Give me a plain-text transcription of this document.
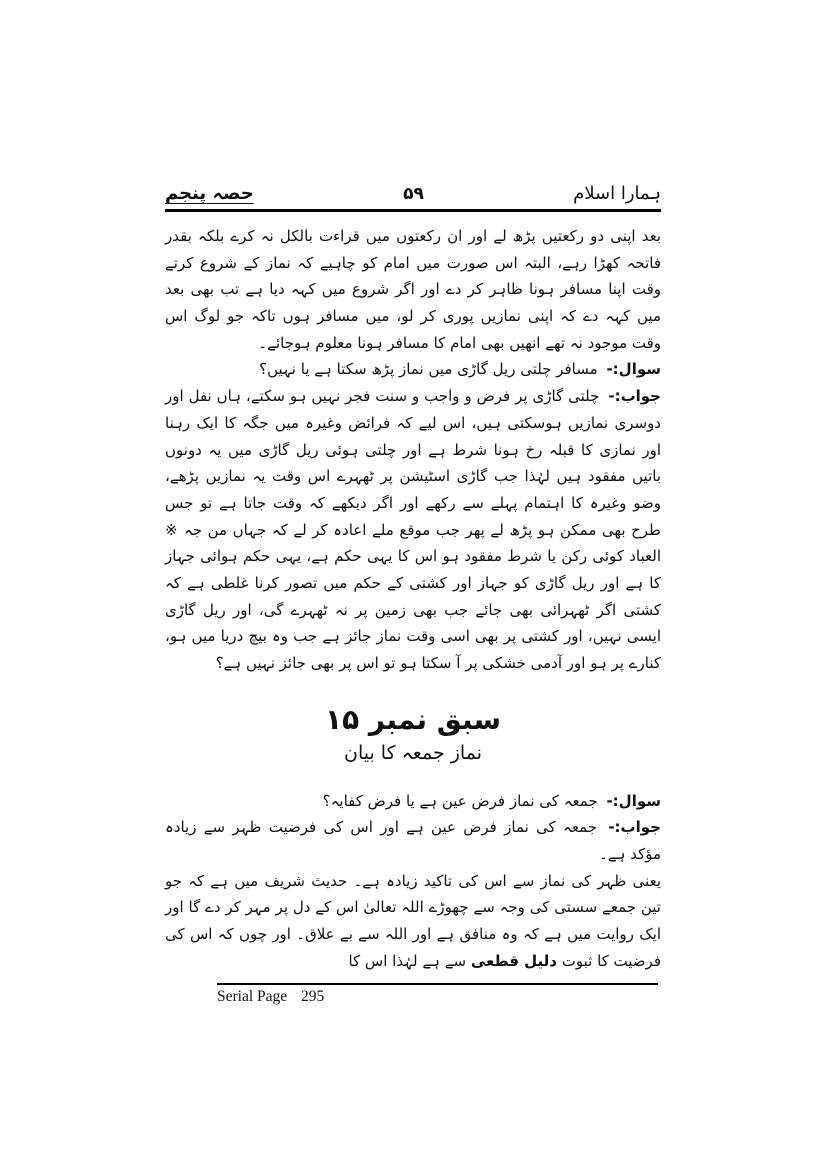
ہمارا اسلام
۵۹
حصہ پنجم

بعد اپنی دو رکعتیں پڑھ لے اور ان رکعتوں میں قراءت بالکل نہ کرے بلکہ بقدر فاتحہ کھڑا رہے، البتہ اس صورت میں امام کو چاہیے کہ نماز کے شروع کرتے وقت اپنا مسافر ہونا ظاہر کر دے اور اگر شروع میں کہہ دیا ہے تب بھی بعد میں کہہ دے کہ اپنی نمازیں پوری کر لو، میں مسافر ہوں تاکہ جو لوگ اس وقت موجود نہ تھے انھیں بھی امام کا مسافر ہونا معلوم ہوجائے۔

سوال:- مسافر چلتی ریل گاڑی میں نماز پڑھ سکتا ہے یا نہیں؟

جواب:- چلتی گاڑی پر فرض و واجب و سنت فجر نہیں ہو سکتے، ہاں نفل اور دوسری نمازیں ہوسکتی ہیں، اس لیے کہ فرائض وغیرہ میں جگہ کا ایک رہنا اور نمازی کا قبلہ رخ ہونا شرط ہے اور چلتی ہوئی ریل گاڑی میں یہ دونوں باتیں مفقود ہیں لہٰذا جب گاڑی اسٹیشن پر ٹھہرے اس وقت یہ نمازیں پڑھے، وضو وغیرہ کا اہتمام پہلے سے رکھے اور اگر دیکھے کہ وقت جاتا ہے تو جس طرح بھی ممکن ہو پڑھ لے پھر جب موقع ملے اعادہ کر لے کہ جہاں من جہ ※ العباد کوئی رکن یا شرط مفقود ہو اس کا یہی حکم ہے، یہی حکم ہوائی جہاز کا ہے اور ریل گاڑی کو جہاز اور کشتی کے حکم میں تصور کرنا غلطی ہے کہ کشتی اگر ٹھہرائی بھی جائے جب بھی زمین پر نہ ٹھہرے گی، اور ریل گاڑی ایسی نہیں، اور کشتی پر بھی اسی وقت نماز جائز ہے جب وہ بیچ دریا میں ہو، کنارے پر ہو اور آدمی خشکی پر آ سکتا ہو تو اس پر بھی جائز نہیں ہے؟

سبق نمبر ۱۵
نماز جمعہ کا بیان

سوال:- جمعہ کی نماز فرض عین ہے یا فرض کفایہ؟

جواب:- جمعہ کی نماز فرض عین ہے اور اس کی فرضیت ظہر سے زیادہ مؤکد ہے۔

یعنی ظہر کی نماز سے اس کی تاکید زیادہ ہے۔ حدیث شریف میں ہے کہ جو تین جمعے سستی کی وجہ سے چھوڑے اللہ تعالیٰ اس کے دل پر مہر کر دے گا اور ایک روایت میں ہے کہ وہ منافق ہے اور اللہ سے بے علاق۔ اور چوں کہ اس کی فرضیت کا ثبوت دلیل قطعی سے ہے لہٰذا اس کا

Serial Page 295
